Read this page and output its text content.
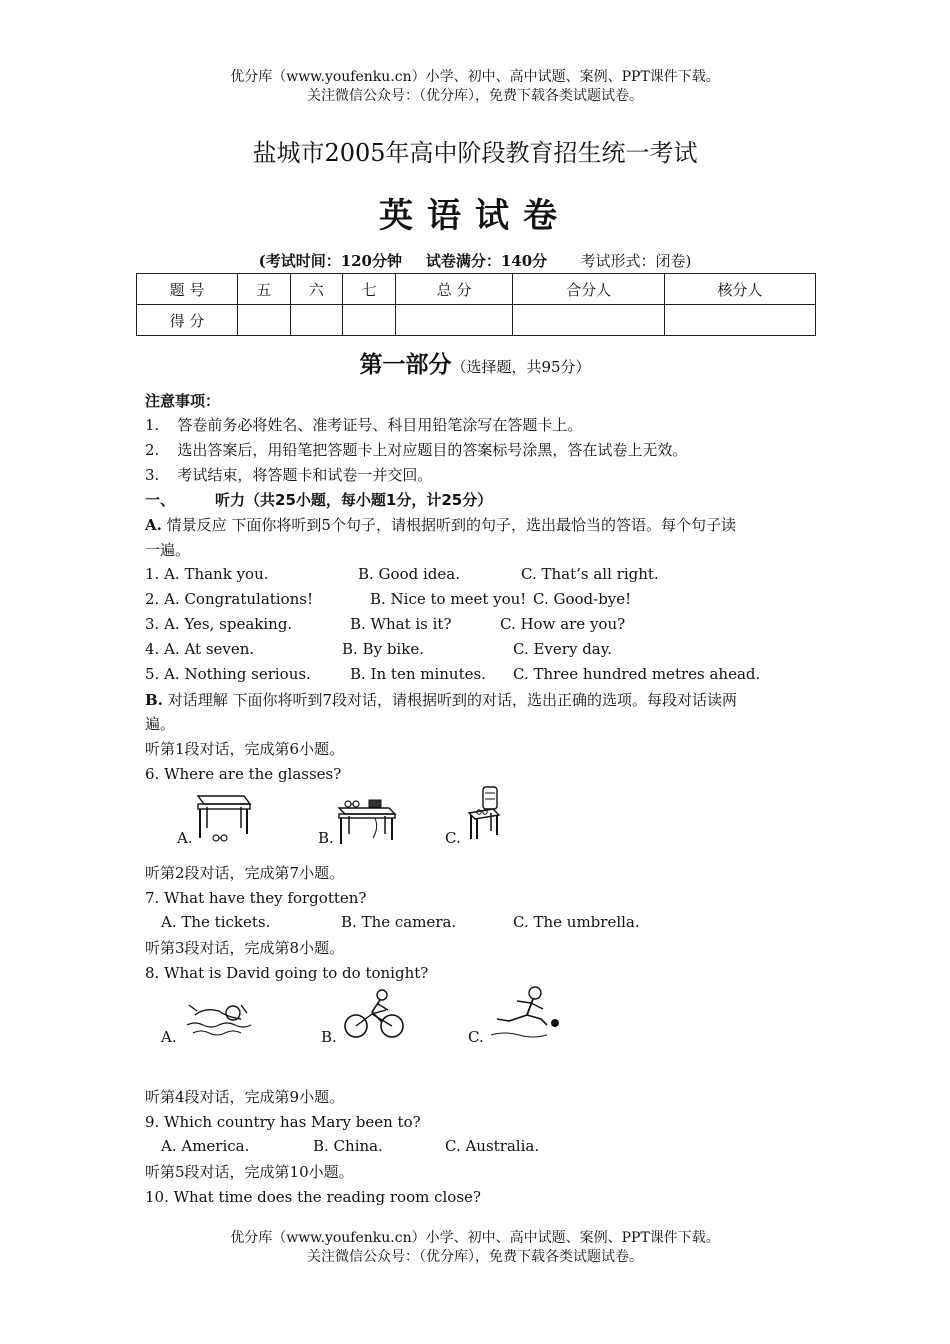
优分库（www.youfenku.cn）小学、初中、高中试题、案例、PPT课件下载。
关注微信公众号：（优分库），免费下载各类试题试卷。
盐城市2005年高中阶段教育招生统一考试
英语试卷
(考试时间：120分钟 试卷满分：140分 考试形式：闭卷)
题 号	五	六	七	总 分	合分人	核分人
得 分						
第一部分（选择题，共95分）
注意事项：
1. 答卷前务必将姓名、准考证号、科目用铅笔涂写在答题卡上。
2. 选出答案后，用铅笔把答题卡上对应题目的答案标号涂黑，答在试卷上无效。
3. 考试结束，将答题卡和试卷一并交回。
一、	听力（共25小题，每小题1分，计25分）
A. 情景反应 下面你将听到5个句子，请根据听到的句子，选出最恰当的答语。每个句子读
一遍。
1. A. Thank you.	B. Good idea.	C. That’s all right.
2. A. Congratulations!	B. Nice to meet you! C. Good-bye!
3. A. Yes, speaking.	B. What is it?	C. How are you?
4. A. At seven.	B. By bike.	C. Every day.
5. A. Nothing serious.	B. In ten minutes. C. Three hundred metres ahead.
B. 对话理解 下面你将听到7段对话，请根据听到的对话，选出正确的选项。每段对话读两
遍。
听第1段对话，完成第6小题。
6. Where are the glasses?
A.	B.	C.
听第2段对话，完成第7小题。
7. What have they forgotten?
A. The tickets.	B. The camera.	C. The umbrella.
听第3段对话，完成第8小题。
8. What is David going to do tonight?
A.	B.	C.
听第4段对话，完成第9小题。
9. Which country has Mary been to?
A. America.	B. China.	C. Australia.
听第5段对话，完成第10小题。
10. What time does the reading room close?
优分库（www.youfenku.cn）小学、初中、高中试题、案例、PPT课件下载。
关注微信公众号：（优分库），免费下载各类试题试卷。
